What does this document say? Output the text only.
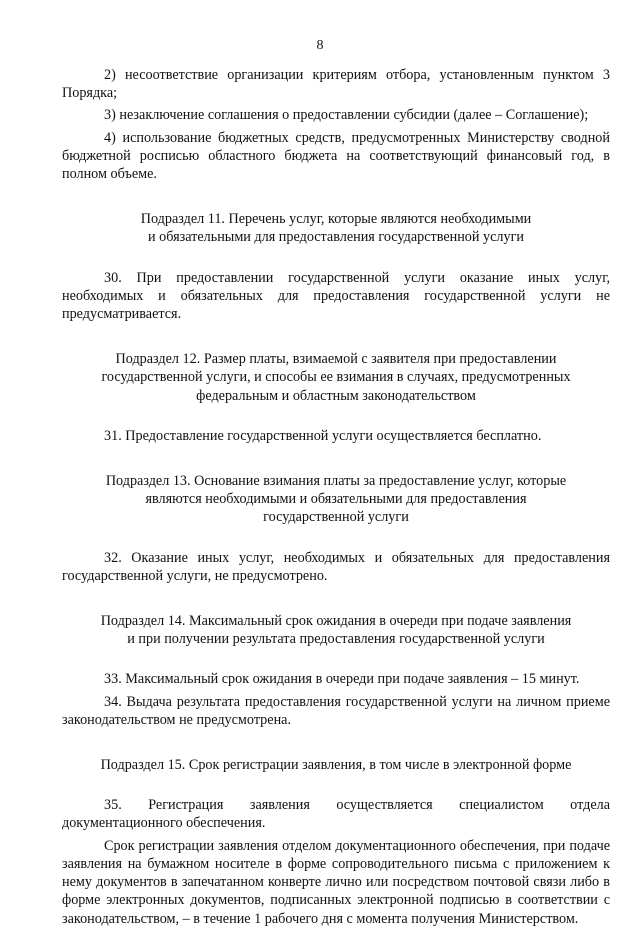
8

2) несоответствие организации критериям отбора, установленным пунктом 3 Порядка;

3) незаключение соглашения о предоставлении субсидии (далее – Соглашение);

4) использование бюджетных средств, предусмотренных Министерству сводной бюджетной росписью областного бюджета на соответствующий финансовый год, в полном объеме.

Подраздел 11. Перечень услуг, которые являются необходимыми
и обязательными для предоставления государственной услуги

30. При предоставлении государственной услуги оказание иных услуг, необходимых и обязательных для предоставления государственной услуги не предусматривается.

Подраздел 12. Размер платы, взимаемой с заявителя при предоставлении
государственной услуги, и способы ее взимания в случаях, предусмотренных
федеральным и областным законодательством

31. Предоставление государственной услуги осуществляется бесплатно.

Подраздел 13. Основание взимания платы за предоставление услуг, которые
являются необходимыми и обязательными для предоставления
государственной услуги

32. Оказание иных услуг, необходимых и обязательных для предоставления государственной услуги, не предусмотрено.

Подраздел 14. Максимальный срок ожидания в очереди при подаче заявления
и при получении результата предоставления государственной услуги

33. Максимальный срок ожидания в очереди при подаче заявления – 15 минут.

34. Выдача результата предоставления государственной услуги на личном приеме законодательством не предусмотрена.

Подраздел 15. Срок регистрации заявления, в том числе в электронной форме

35. Регистрация заявления осуществляется специалистом отдела документационного обеспечения.

Срок регистрации заявления отделом документационного обеспечения, при подаче заявления на бумажном носителе в форме сопроводительного письма с приложением к нему документов в запечатанном конверте лично или посредством почтовой связи либо в форме электронных документов, подписанных электронной подписью в соответствии с законодательством, – в течение 1 рабочего дня с момента получения Министерством.
